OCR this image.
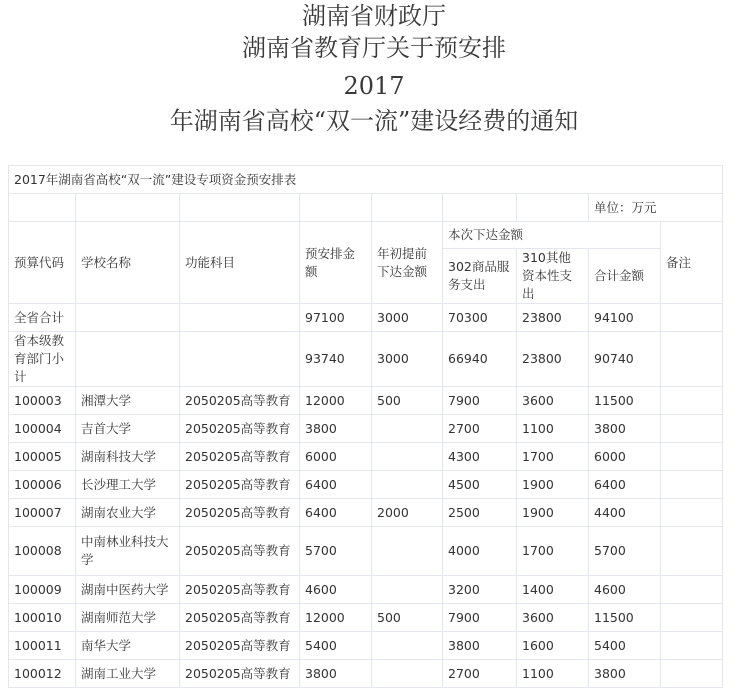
湖南省财政厅
湖南省教育厅关于预安排
2017
年湖南省高校“双一流”建设经费的通知
2017年湖南省高校“双一流”建设专项资金预安排表								
							单位：万元	
预算代码	学校名称	功能科目	预安排金额	年初提前下达金额	本次下达金额			备注
					302商品服务支出	310其他资本性支出	合计金额	
全省合计			97100	3000	70300	23800	94100	
省本级教育部门小计			93740	3000	66940	23800	90740	
100003	湘潭大学	2050205高等教育	12000	500	7900	3600	11500	
100004	吉首大学	2050205高等教育	3800		2700	1100	3800	
100005	湖南科技大学	2050205高等教育	6000		4300	1700	6000	
100006	长沙理工大学	2050205高等教育	6400		4500	1900	6400	
100007	湖南农业大学	2050205高等教育	6400	2000	2500	1900	4400	
100008	中南林业科技大学	2050205高等教育	5700		4000	1700	5700	
100009	湖南中医药大学	2050205高等教育	4600		3200	1400	4600	
100010	湖南师范大学	2050205高等教育	12000	500	7900	3600	11500	
100011	南华大学	2050205高等教育	5400		3800	1600	5400	
100012	湖南工业大学	2050205高等教育	3800		2700	1100	3800	
